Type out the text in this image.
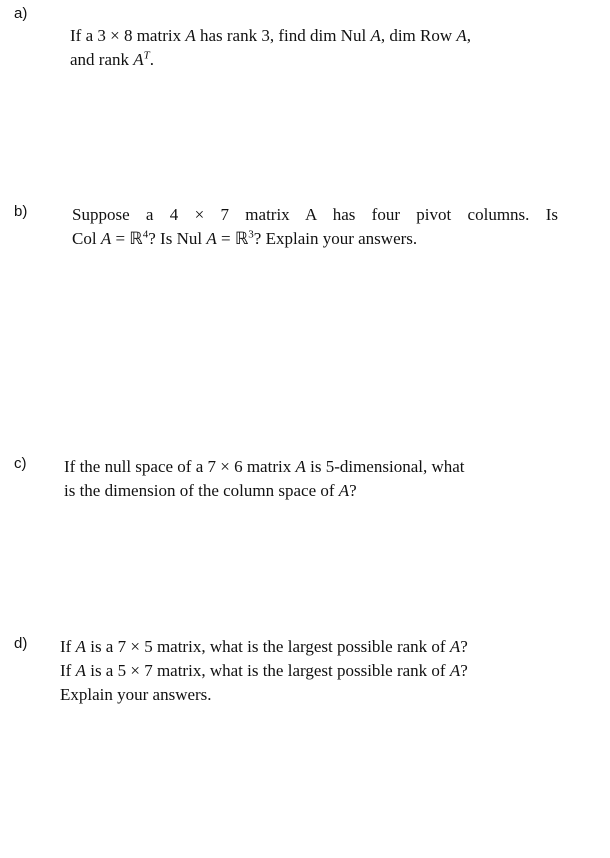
a)
If a 3 × 8 matrix A has rank 3, find dim Nul A, dim Row A,
and rank $A^T$.
b)	Suppose a 4 × 7 matrix A has four pivot columns. Is
Col A = ℝ$^4$? Is Nul A = ℝ$^3$? Explain your answers.
c) If the null space of a 7 × 6 matrix A is 5-dimensional, what
is the dimension of the column space of A?
d) If A is a 7 × 5 matrix, what is the largest possible rank of A?
If A is a 5 × 7 matrix, what is the largest possible rank of A?
Explain your answers.
